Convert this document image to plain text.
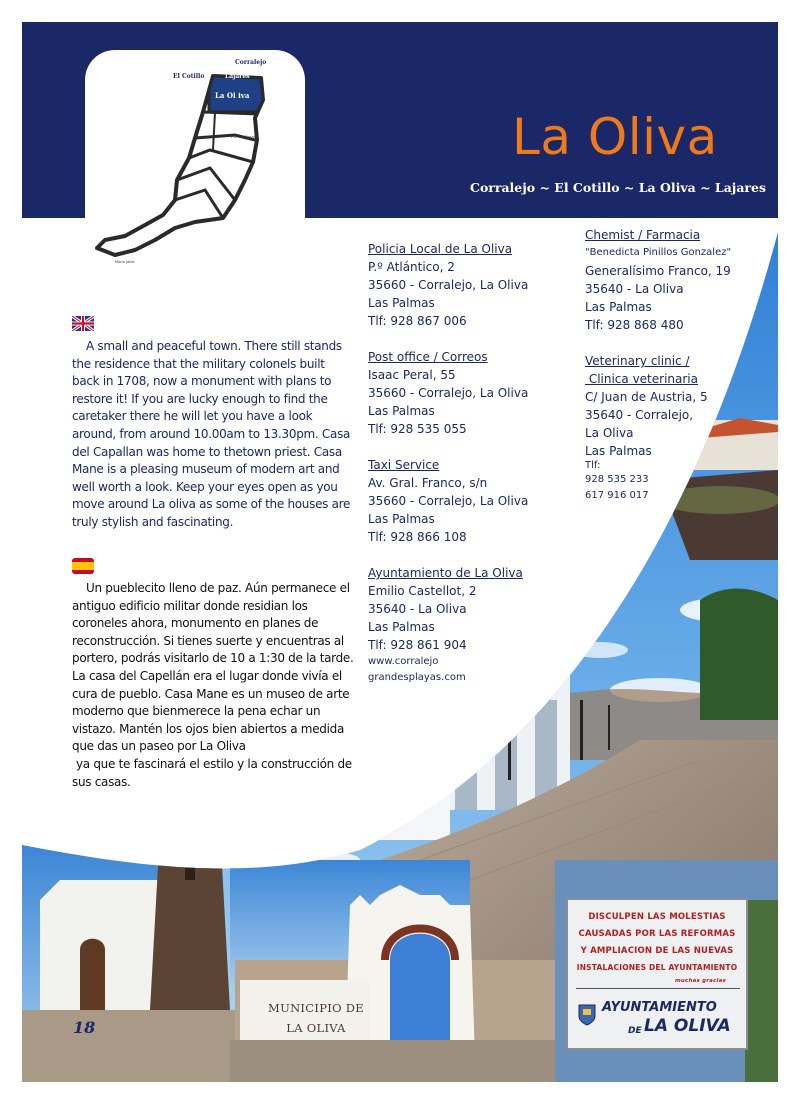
La Oliva
Corralejo ~ El Cotillo ~ La Oliva ~ Lajares
Corralejo
El Cotillo	Lajares
La Ol iva
Pto. del Rosario
Morro Jable
A small and peaceful town. There still stands the residence that the military colonels built back in 1708, now a monument with plans to restore it! If you are lucky enough to find the caretaker there he will let you have a look around, from around 10.00am to 13.30pm. Casa del Capallan was home to thetown priest. Casa Mane is a pleasing museum of modern art and well worth a look. Keep your eyes open as you move around La oliva as some of the houses are truly stylish and fascinating.

Un pueblecito lleno de paz. Aún permanece el antiguo edificio militar donde residian los coroneles ahora, monumento en planes de reconstrucción. Si tienes suerte y encuentras al portero, podrás visitarlo de 10 a 1:30 de la tarde. La casa del Capellán era el lugar donde vivía el cura de pueblo. Casa Mane es un museo de arte moderno que bienmerece la pena echar un vistazo. Mantén los ojos bien abiertos a medida que das un paseo por La Oliva

ya que te fascinará el estilo y la construcción de sus casas.

Policia Local de La Oliva

P.º Atlántico, 2

35660 - Corralejo, La Oliva

Las Palmas

Tlf: 928 867 006

Post office / Correos

Isaac Peral, 55

35660 - Corralejo, La Oliva

Las Palmas

Tlf: 928 535 055

Taxi Service

Av. Gral. Franco, s/n

35660 - Corralejo, La Oliva

Las Palmas

Tlf: 928 866 108

Ayuntamiento de La Oliva

Emilio Castellot, 2

35640 - La Oliva

Las Palmas

Tlf: 928 861 904

www.corralejo

grandesplayas.com

Chemist / Farmacia

"Benedicta Pinillos Gonzalez"

Generalísimo Franco, 19

35640 - La Oliva

Las Palmas

Tlf: 928 868 480

Veterinary clinic /

Clinica veterinaria

C/ Juan de Austria, 5

35640 - Corralejo,

La Oliva

Las Palmas

Tlf:

928 535 233

617 916 017

MUNICIPIO DE
LA OLIVA
18
DISCULPEN LAS MOLESTIAS
CAUSADAS POR LAS REFORMAS
Y AMPLIACION DE LAS NUEVAS
INSTALACIONES DEL AYUNTAMIENTO
muchas gracias
AYUNTAMIENTO
DE LA OLIVA
